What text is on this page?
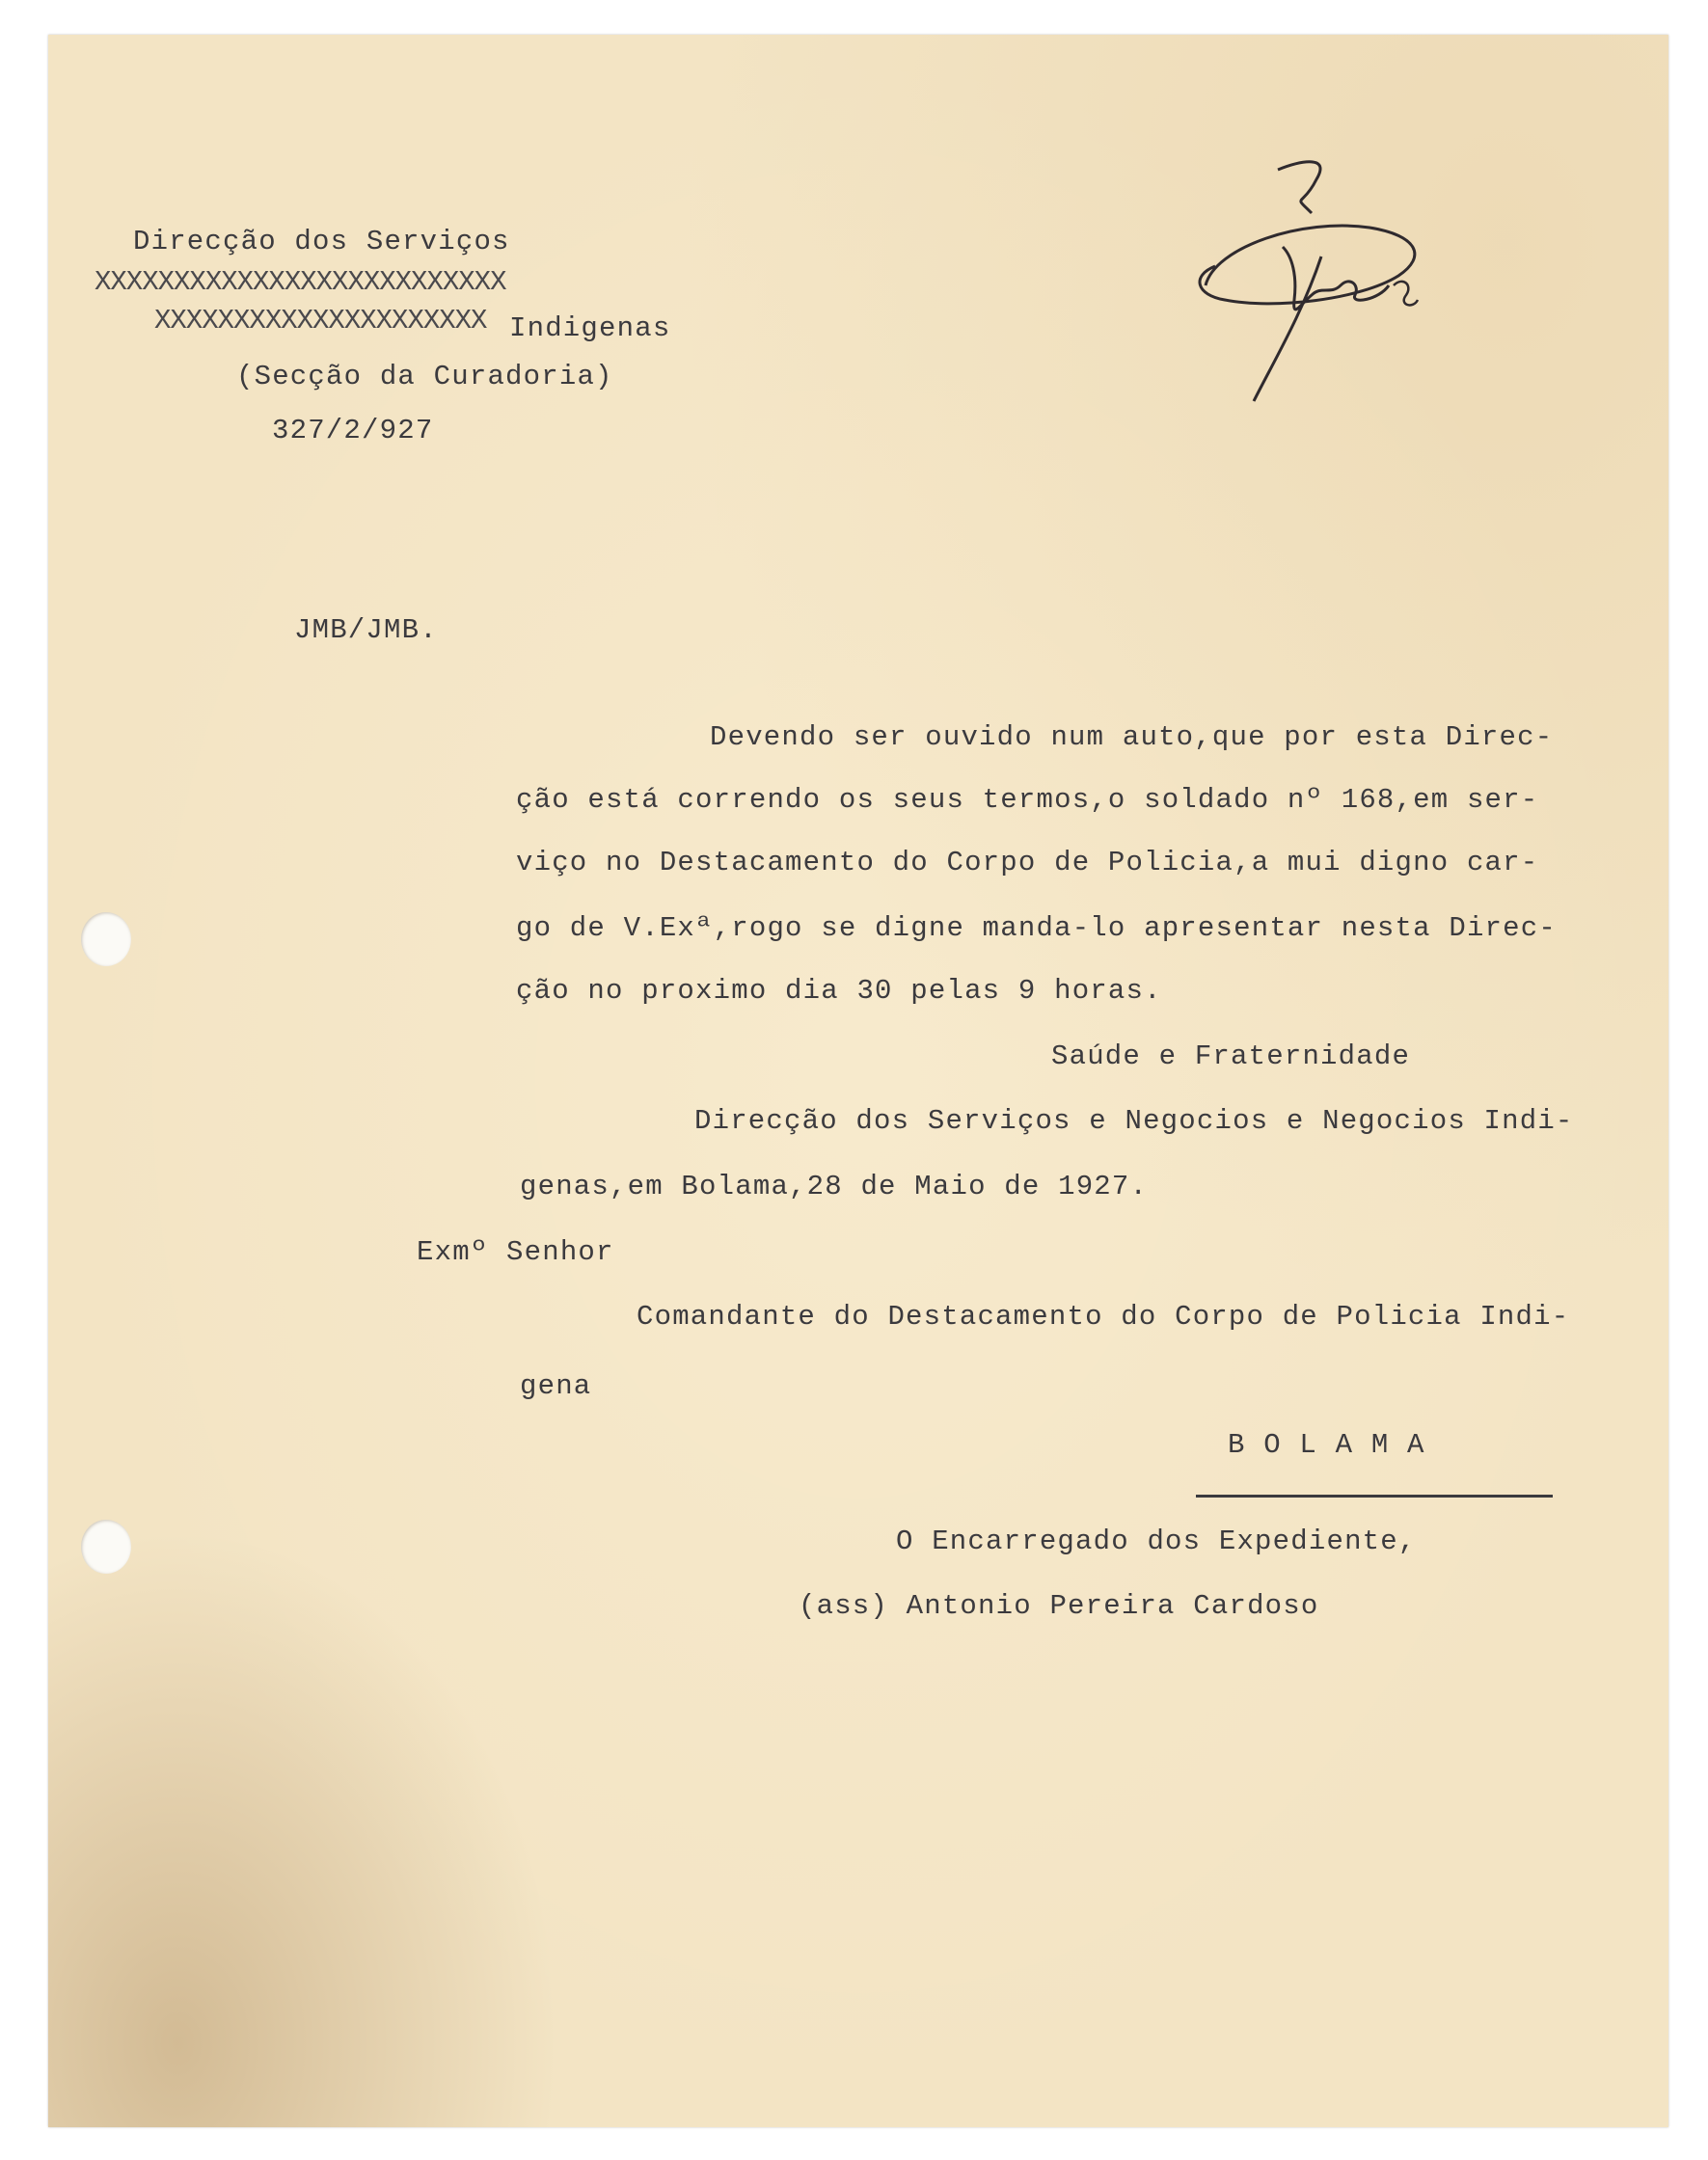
Direcção dos Serviços
XXXXXXXXXXXXXXXXXXXXXXXXXX
XXXXXXXXXXXXXXXXXXXXX Indigenas
(Secção da Curadoria)
327/2/927
JMB/JMB.
Devendo ser ouvido num auto,que por esta Direc-
ção está correndo os seus termos,o soldado nº 168,em ser-
viço no Destacamento do Corpo de Policia,a mui digno car-
go de V.Exª,rogo se digne manda-lo apresentar nesta Direc-
ção no proximo dia 30 pelas 9 horas.
Saúde e Fraternidade
Direcção dos Serviços e Negocios e Negocios Indi-
genas,em Bolama,28 de Maio de 1927.
Exmº Senhor
Comandante do Destacamento do Corpo de Policia Indi-
gena
B O L A M A
O Encarregado dos Expediente,
(ass) Antonio Pereira Cardoso
